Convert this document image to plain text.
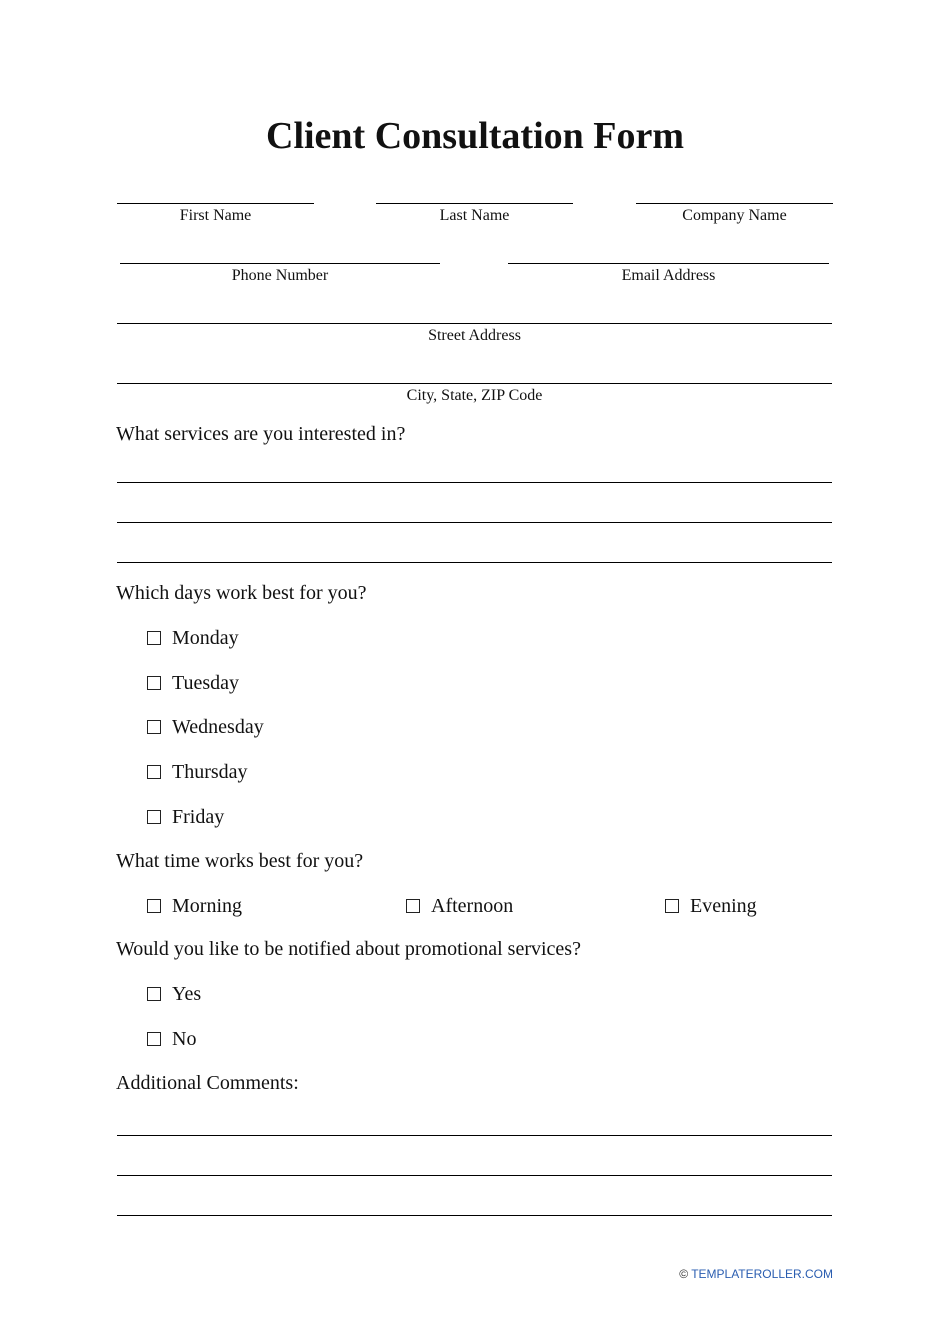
Client Consultation Form
First Name	Last Name	Company Name
Phone Number	Email Address
Street Address
City, State, ZIP Code
What services are you interested in?
Which days work best for you?
Monday
Tuesday
Wednesday
Thursday
Friday
What time works best for you?
Morning	Afternoon	Evening
Would you like to be notified about promotional services?
Yes
No
Additional Comments:
© TEMPLATEROLLER.COM
